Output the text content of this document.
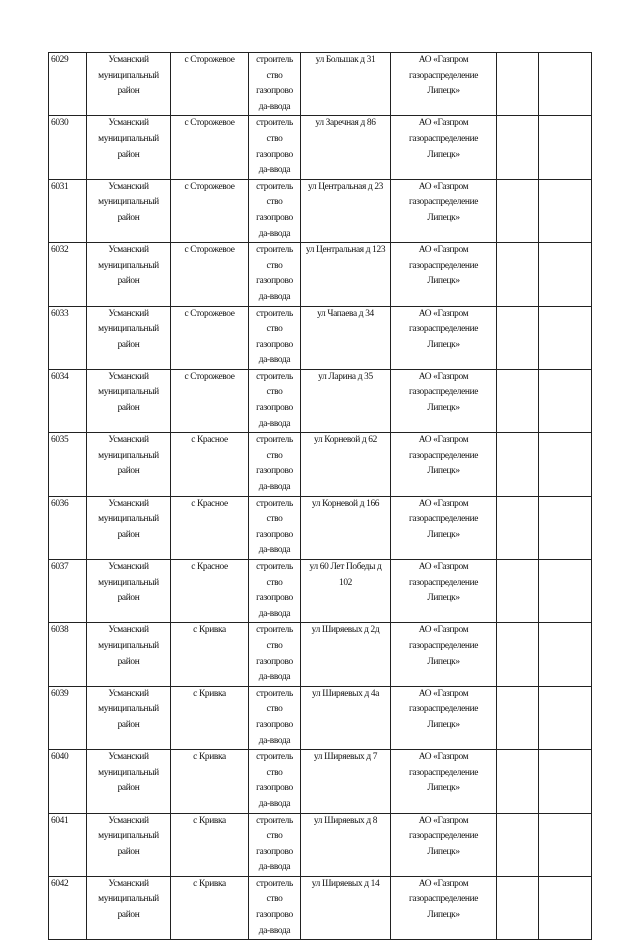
6029	Усманский муниципальный район	с Сторожевое	строитель ство газопрово да-ввода	ул Большак д 31	АО «Газпром газораспределение Липецк»		

6030	Усманский муниципальный район	с Сторожевое	строитель ство газопрово да-ввода	ул Заречная д 86	АО «Газпром газораспределение Липецк»		

6031	Усманский муниципальный район	с Сторожевое	строитель ство газопрово да-ввода	ул Центральная д 23	АО «Газпром газораспределение Липецк»		

6032	Усманский муниципальный район	с Сторожевое	строитель ство газопрово да-ввода	ул Центральная д 123	АО «Газпром газораспределение Липецк»		

6033	Усманский муниципальный район	с Сторожевое	строитель ство газопрово да-ввода	ул Чапаева д 34	АО «Газпром газораспределение Липецк»		

6034	Усманский муниципальный район	с Сторожевое	строитель ство газопрово да-ввода	ул Ларина д 35	АО «Газпром газораспределение Липецк»		

6035	Усманский муниципальный район	с Красное	строитель ство газопрово да-ввода	ул Корневой д 62	АО «Газпром газораспределение Липецк»		

6036	Усманский муниципальный район	с Красное	строитель ство газопрово да-ввода	ул Корневой д 166	АО «Газпром газораспределение Липецк»		

6037	Усманский муниципальный район	с Красное	строитель ство газопрово да-ввода	ул 60 Лет Победы д 102	АО «Газпром газораспределение Липецк»		

6038	Усманский муниципальный район	с Кривка	строитель ство газопрово да-ввода	ул Ширяевых д 2д	АО «Газпром газораспределение Липецк»		

6039	Усманский муниципальный район	с Кривка	строитель ство газопрово да-ввода	ул Ширяевых д 4а	АО «Газпром газораспределение Липецк»		

6040	Усманский муниципальный район	с Кривка	строитель ство газопрово да-ввода	ул Ширяевых д 7	АО «Газпром газораспределение Липецк»		

6041	Усманский муниципальный район	с Кривка	строитель ство газопрово да-ввода	ул Ширяевых д 8	АО «Газпром газораспределение Липецк»		

6042	Усманский муниципальный район	с Кривка	строитель ство газопрово да-ввода	ул Ширяевых д 14	АО «Газпром газораспределение Липецк»		
